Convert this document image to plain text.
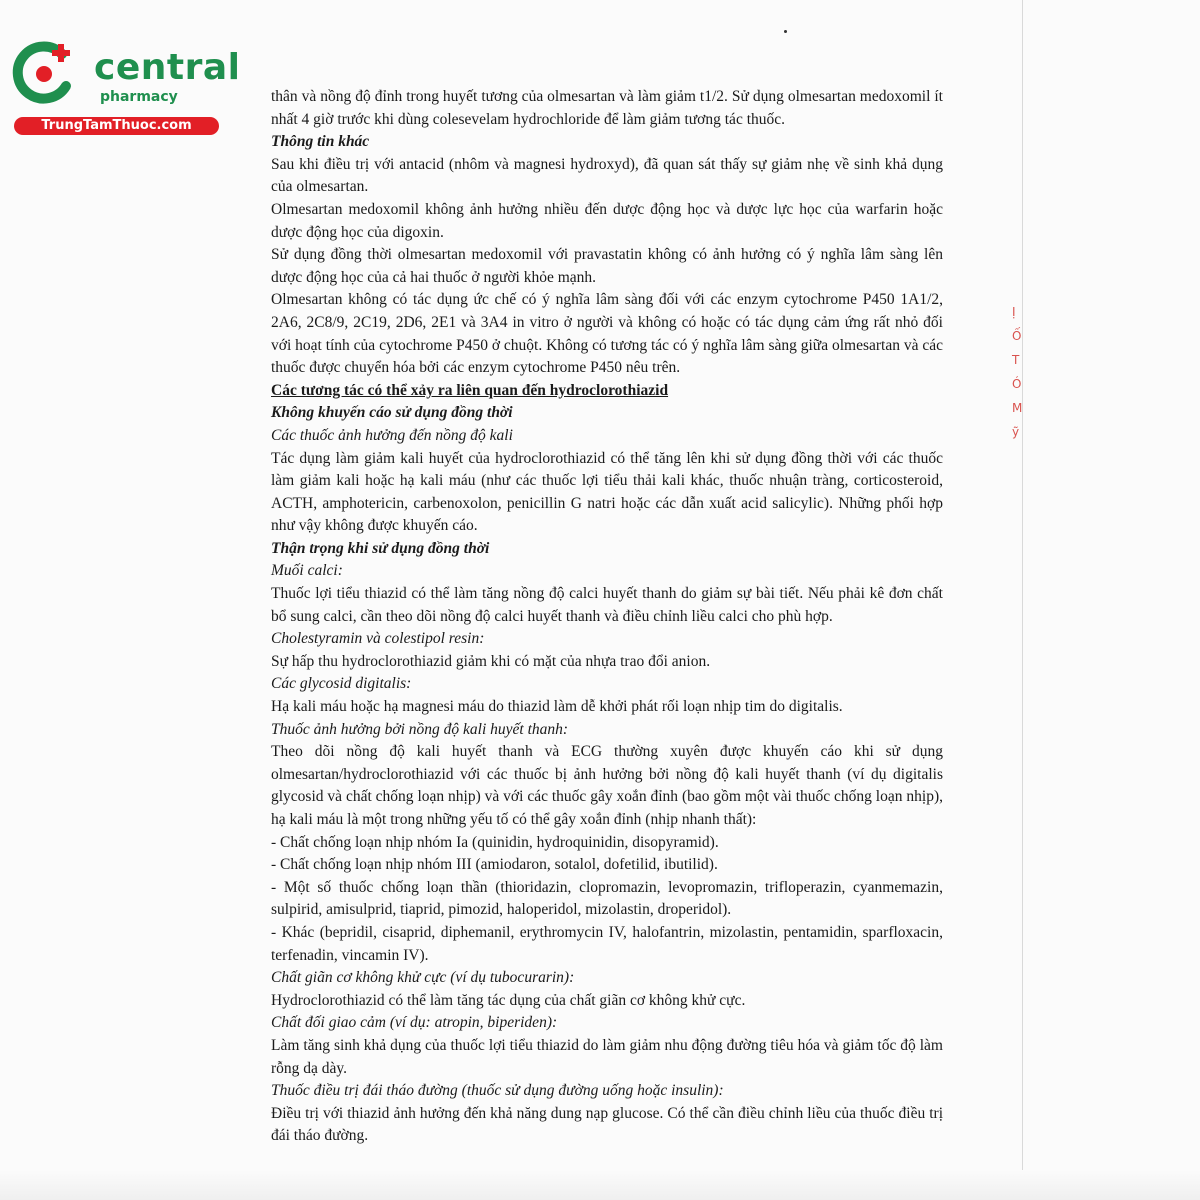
central
pharmacy
TrungTamThuoc.com
Ị
Ố
T
Ó
M
ỹ

thân và nồng độ đỉnh trong huyết tương của olmesartan và làm giảm t1/2. Sử dụng olmesartan medoxomil ít nhất 4 giờ trước khi dùng colesevelam hydrochloride để làm giảm tương tác thuốc.

Thông tin khác

Sau khi điều trị với antacid (nhôm và magnesi hydroxyd), đã quan sát thấy sự giảm nhẹ về sinh khả dụng của olmesartan.

Olmesartan medoxomil không ảnh hưởng nhiều đến dược động học và dược lực học của warfarin hoặc dược động học của digoxin.

Sử dụng đồng thời olmesartan medoxomil với pravastatin không có ảnh hưởng có ý nghĩa lâm sàng lên dược động học của cả hai thuốc ở người khỏe mạnh.

Olmesartan không có tác dụng ức chế có ý nghĩa lâm sàng đối với các enzym cytochrome P450 1A1/2, 2A6, 2C8/9, 2C19, 2D6, 2E1 và 3A4 in vitro ở người và không có hoặc có tác dụng cảm ứng rất nhỏ đối với hoạt tính của cytochrome P450 ở chuột. Không có tương tác có ý nghĩa lâm sàng giữa olmesartan và các thuốc được chuyển hóa bởi các enzym cytochrome P450 nêu trên.

Các tương tác có thể xảy ra liên quan đến hydroclorothiazid

Không khuyến cáo sử dụng đồng thời

Các thuốc ảnh hưởng đến nồng độ kali

Tác dụng làm giảm kali huyết của hydroclorothiazid có thể tăng lên khi sử dụng đồng thời với các thuốc làm giảm kali hoặc hạ kali máu (như các thuốc lợi tiểu thải kali khác, thuốc nhuận tràng, corticosteroid, ACTH, amphotericin, carbenoxolon, penicillin G natri hoặc các dẫn xuất acid salicylic). Những phối hợp như vậy không được khuyến cáo.

Thận trọng khi sử dụng đồng thời

Muối calci:

Thuốc lợi tiểu thiazid có thể làm tăng nồng độ calci huyết thanh do giảm sự bài tiết. Nếu phải kê đơn chất bổ sung calci, cần theo dõi nồng độ calci huyết thanh và điều chỉnh liều calci cho phù hợp.

Cholestyramin và colestipol resin:

Sự hấp thu hydroclorothiazid giảm khi có mặt của nhựa trao đổi anion.

Các glycosid digitalis:

Hạ kali máu hoặc hạ magnesi máu do thiazid làm dễ khởi phát rối loạn nhịp tim do digitalis.

Thuốc ảnh hưởng bởi nồng độ kali huyết thanh:

Theo dõi nồng độ kali huyết thanh và ECG thường xuyên được khuyến cáo khi sử dụng olmesartan/hydroclorothiazid với các thuốc bị ảnh hưởng bởi nồng độ kali huyết thanh (ví dụ digitalis glycosid và chất chống loạn nhịp) và với các thuốc gây xoắn đỉnh (bao gồm một vài thuốc chống loạn nhịp), hạ kali máu là một trong những yếu tố có thể gây xoắn đỉnh (nhịp nhanh thất):

- Chất chống loạn nhịp nhóm Ia (quinidin, hydroquinidin, disopyramid).

- Chất chống loạn nhịp nhóm III (amiodaron, sotalol, dofetilid, ibutilid).

- Một số thuốc chống loạn thần (thioridazin, clopromazin, levopromazin, trifloperazin, cyanmemazin, sulpirid, amisulprid, tiaprid, pimozid, haloperidol, mizolastin, droperidol).

- Khác (bepridil, cisaprid, diphemanil, erythromycin IV, halofantrin, mizolastin, pentamidin, sparfloxacin, terfenadin, vincamin IV).

Chất giãn cơ không khử cực (ví dụ tubocurarin):

Hydroclorothiazid có thể làm tăng tác dụng của chất giãn cơ không khử cực.

Chất đối giao cảm (ví dụ: atropin, biperiden):

Làm tăng sinh khả dụng của thuốc lợi tiểu thiazid do làm giảm nhu động đường tiêu hóa và giảm tốc độ làm rỗng dạ dày.

Thuốc điều trị đái tháo đường (thuốc sử dụng đường uống hoặc insulin):

Điều trị với thiazid ảnh hưởng đến khả năng dung nạp glucose. Có thể cần điều chỉnh liều của thuốc điều trị đái tháo đường.
